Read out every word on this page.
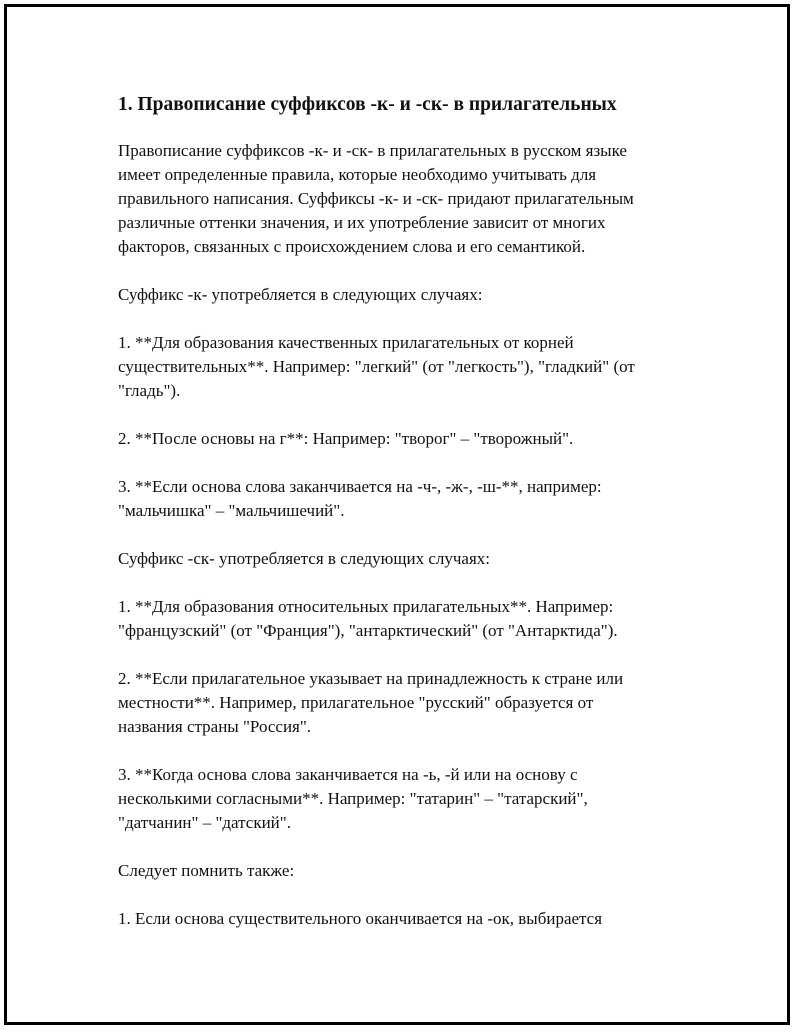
1. Правописание суффиксов -к- и -ск- в прилагательных
Правописание суффиксов -к- и -ск- в прилагательных в русском языке
имеет определенные правила, которые необходимо учитывать для
правильного написания. Суффиксы -к- и -ск- придают прилагательным
различные оттенки значения, и их употребление зависит от многих
факторов, связанных с происхождением слова и его семантикой.
Суффикс -к- употребляется в следующих случаях:
1. **Для образования качественных прилагательных от корней
существительных**. Например: "легкий" (от "легкость"), "гладкий" (от
"гладь").
2. **После основы на г**: Например: "творог" – "творожный".
3. **Если основа слова заканчивается на -ч-, -ж-, -ш-**, например:
"мальчишка" – "мальчишечий".
Суффикс -ск- употребляется в следующих случаях:
1. **Для образования относительных прилагательных**. Например:
"французский" (от "Франция"), "антарктический" (от "Антарктида").
2. **Если прилагательное указывает на принадлежность к стране или
местности**. Например, прилагательное "русский" образуется от
названия страны "Россия".
3. **Когда основа слова заканчивается на -ь, -й или на основу с
несколькими согласными**. Например: "татарин" – "татарский",
"датчанин" – "датский".
Следует помнить также:
1. Если основа существительного оканчивается на -ок, выбирается
